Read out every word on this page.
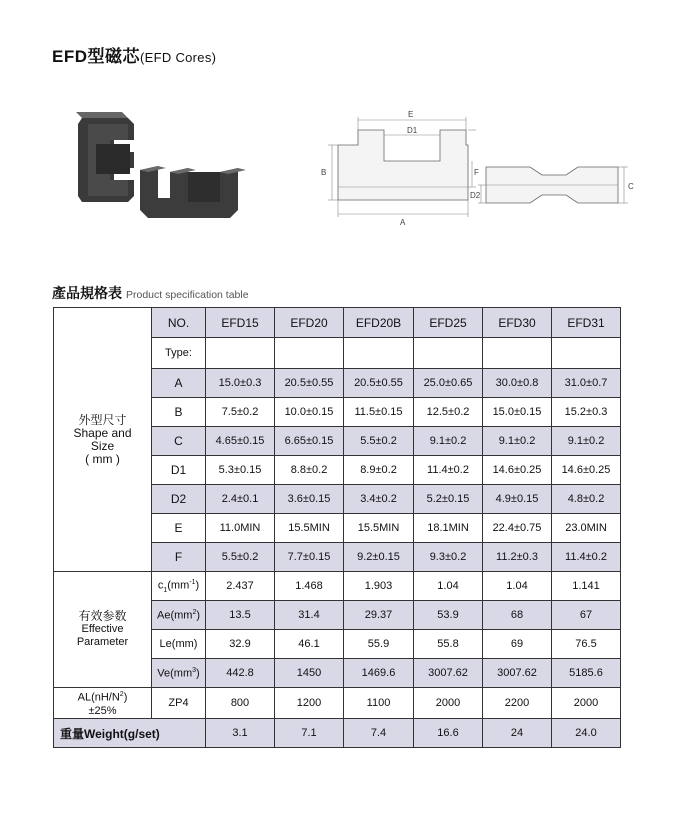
EFD型磁芯(EFD Cores)
E
D1
B	F
A
D2
C
產品規格表 Product specification table
外型尺寸
Shape and
Size
( mm )	NO.	EFD15	EFD20	EFD20B	EFD25	EFD30	EFD31
	Type:						
	A	15.0±0.3	20.5±0.55	20.5±0.55	25.0±0.65	30.0±0.8	31.0±0.7
	B	7.5±0.2	10.0±0.15	11.5±0.15	12.5±0.2	15.0±0.15	15.2±0.3
	C	4.65±0.15	6.65±0.15	5.5±0.2	9.1±0.2	9.1±0.2	9.1±0.2
	D1	5.3±0.15	8.8±0.2	8.9±0.2	11.4±0.2	14.6±0.25	14.6±0.25
	D2	2.4±0.1	3.6±0.15	3.4±0.2	5.2±0.15	4.9±0.15	4.8±0.2
	E	11.0MIN	15.5MIN	15.5MIN	18.1MIN	22.4±0.75	23.0MIN
	F	5.5±0.2	7.7±0.15	9.2±0.15	9.3±0.2	11.2±0.3	11.4±0.2

有效参数
Effective
Parameter	$c_1(mm^{-1})$	2.437	1.468	1.903	1.04	1.04	1.141
	$Ae(mm^2)$	13.5	31.4	29.37	53.9	68	67
	Le(mm)	32.9	46.1	55.9	55.8	69	76.5
	$Ve(mm^3)$	442.8	1450	1469.6	3007.62	3007.62	5185.6

$AL(nH/N^2)$
±25%	ZP4	800	1200	1100	2000	2200	2000
重量Weight(g/set)		3.1	7.1	7.4	16.6	24	24.0
